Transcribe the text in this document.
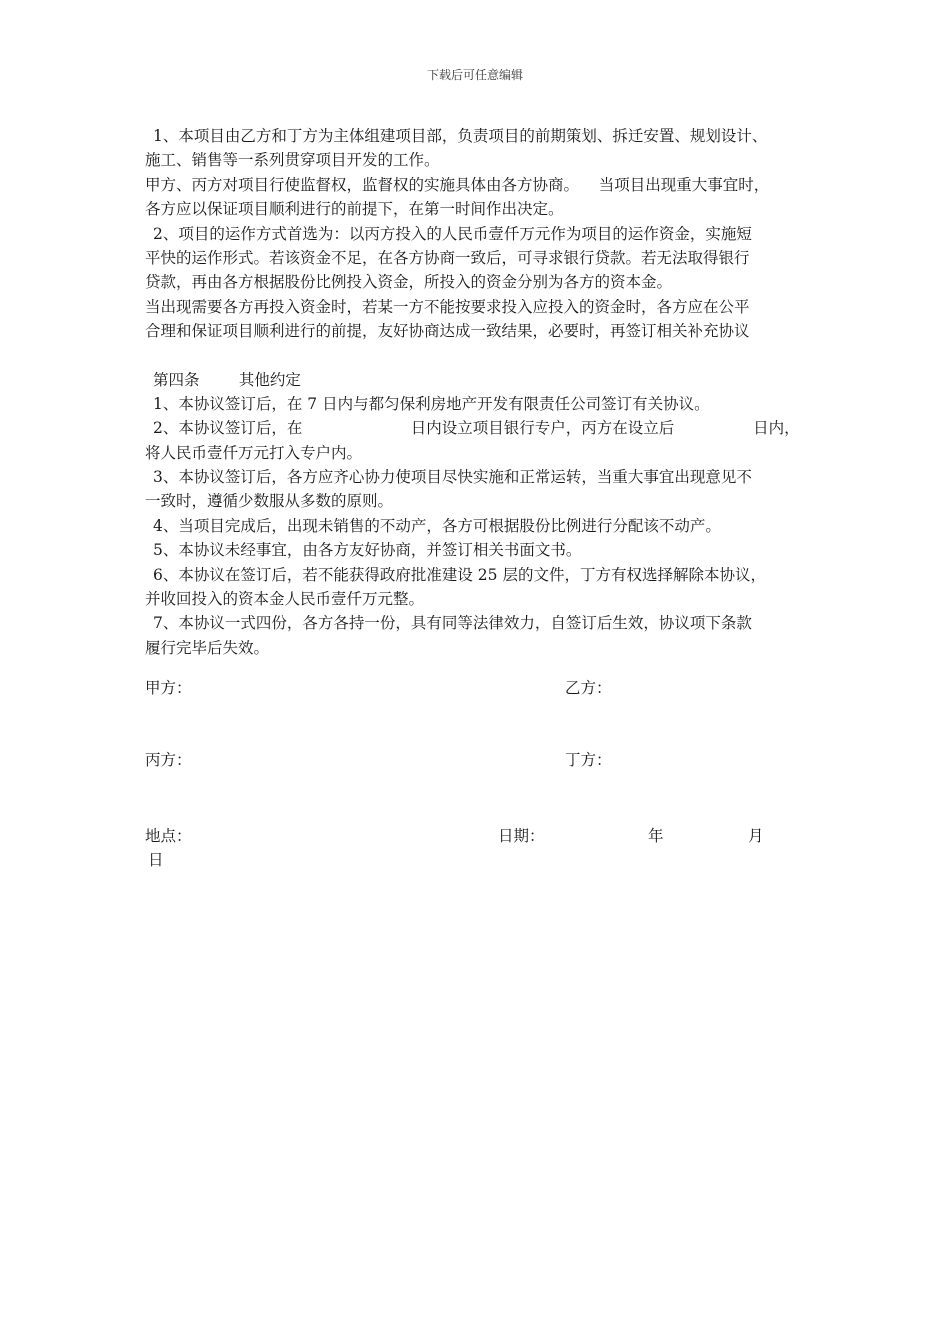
下载后可任意编辑
1、本项目由乙方和丁方为主体组建项目部，负责项目的前期策划、拆迁安置、规划设计、
施工、销售等一系列贯穿项目开发的工作。
甲方、丙方对项目行使监督权，监督权的实施具体由各方协商。    当项目出现重大事宜时，
各方应以保证项目顺利进行的前提下，在第一时间作出决定。
2、项目的运作方式首选为：以丙方投入的人民币壹仟万元作为项目的运作资金，实施短
平快的运作形式。若该资金不足，在各方协商一致后，可寻求银行贷款。若无法取得银行
贷款，再由各方根据股份比例投入资金，所投入的资金分别为各方的资本金。
当出现需要各方再投入资金时，若某一方不能按要求投入应投入的资金时，各方应在公平
合理和保证项目顺利进行的前提，友好协商达成一致结果，必要时，再签订相关补充协议
第四条        其他约定
1、本协议签订后，在 7 日内与都匀保利房地产开发有限责任公司签订有关协议。
2、本协议签订后，在                      日内设立项目银行专户，丙方在设立后                日内，
将人民币壹仟万元打入专户内。
3、本协议签订后，各方应齐心协力使项目尽快实施和正常运转，当重大事宜出现意见不
一致时，遵循少数服从多数的原则。
4、当项目完成后，出现未销售的不动产，各方可根据股份比例进行分配该不动产。
5、本协议未经事宜，由各方友好协商，并签订相关书面文书。
6、本协议在签订后，若不能获得政府批准建设 25 层的文件，丁方有权选择解除本协议，
并收回投入的资本金人民币壹仟万元整。
7、本协议一式四份，各方各持一份，具有同等法律效力，自签订后生效，协议项下条款
履行完毕后失效。
甲方：	乙方：
丙方：	丁方：
地点：	日期：	年	月
日
